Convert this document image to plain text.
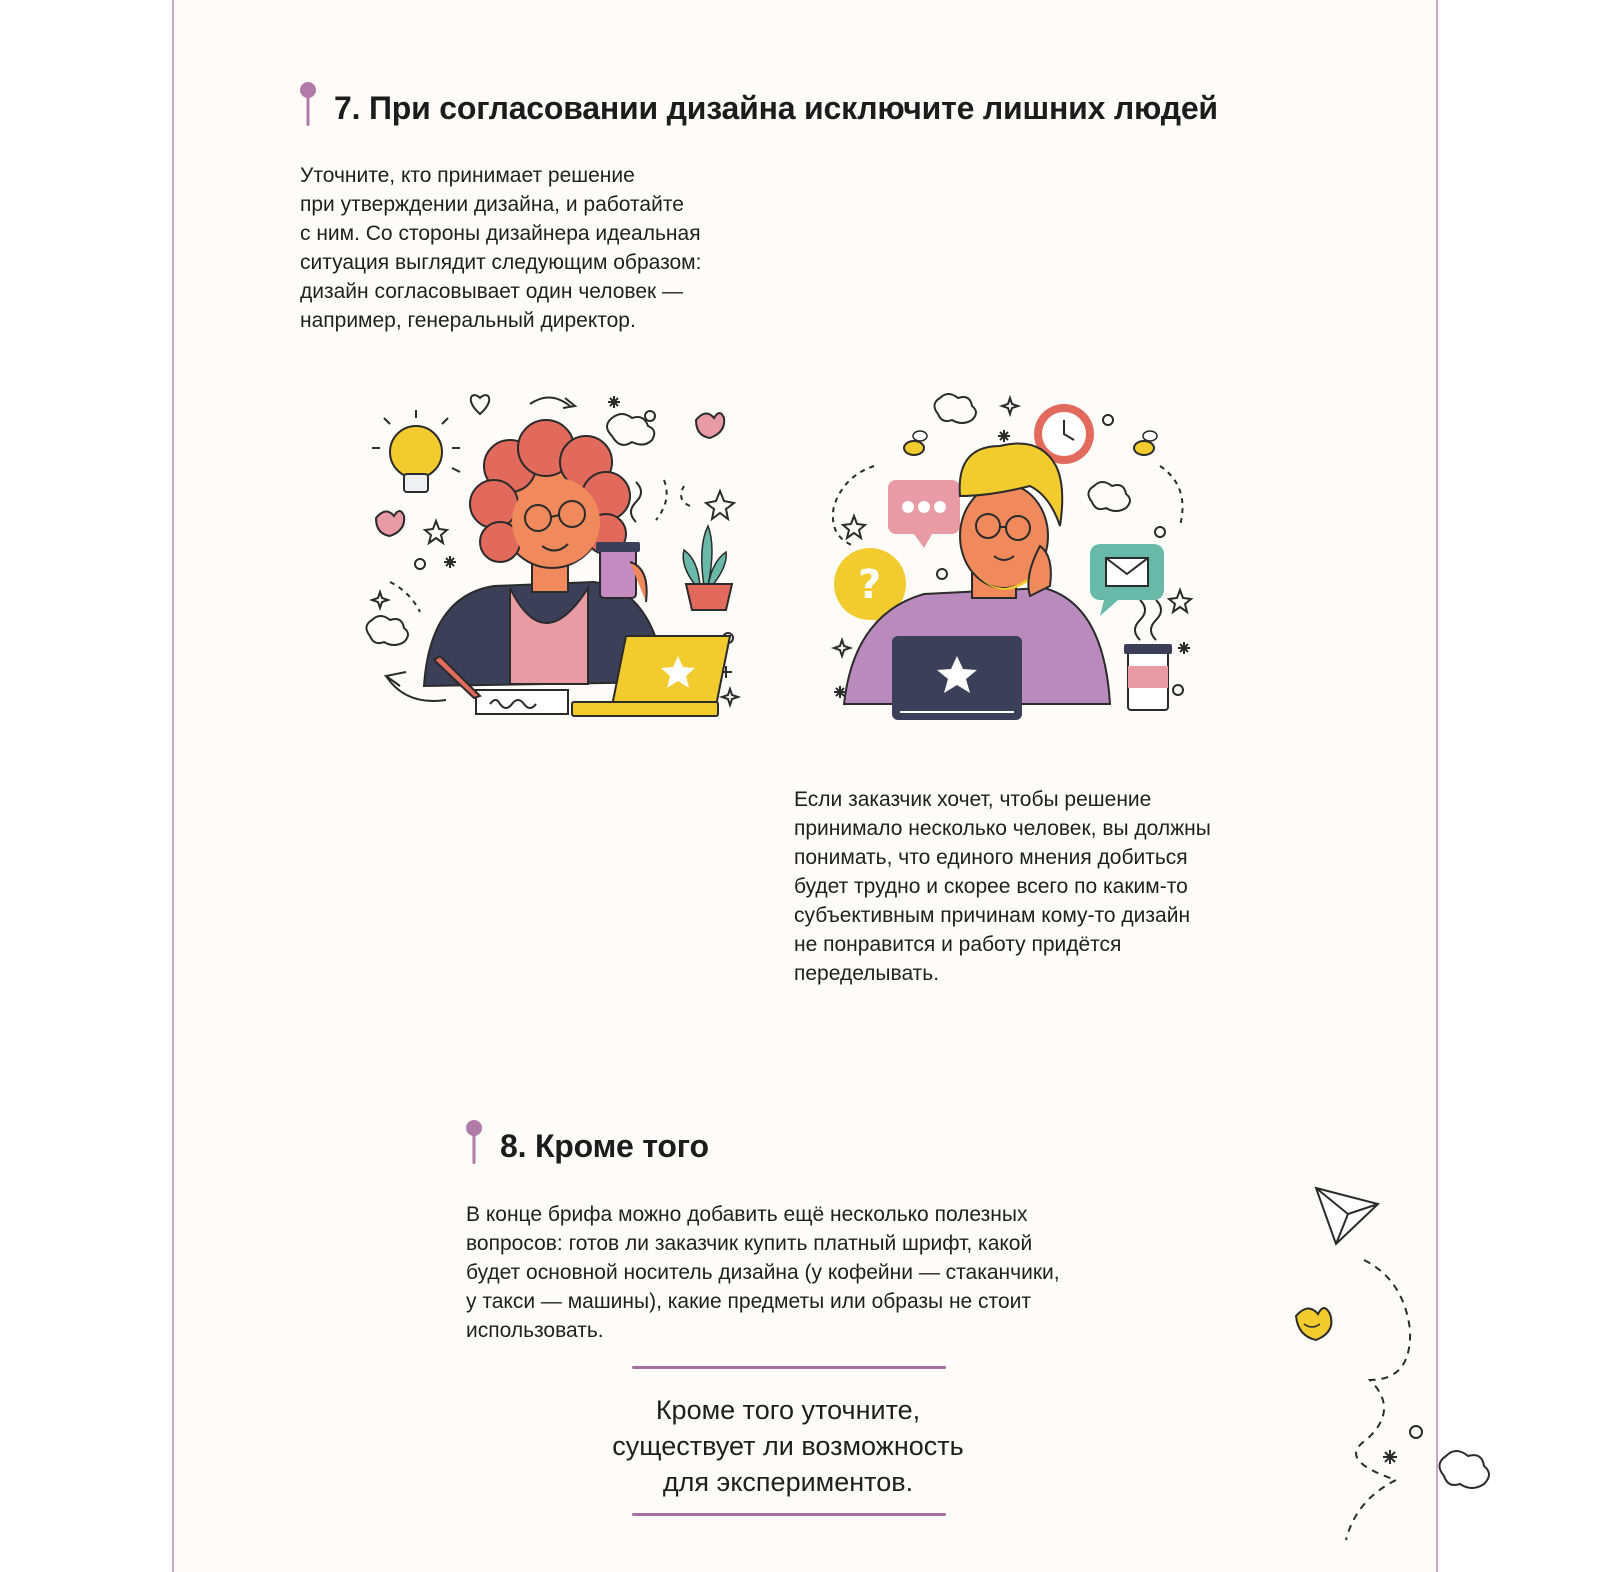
7. При согласовании дизайна исключите лишних людей

Уточните, кто принимает решение
при утверждении дизайна, и работайте
с ним. Со стороны дизайнера идеальная
ситуация выглядит следующим образом:
дизайн согласовывает один человек —
например, генеральный директор.

?

Если заказчик хочет, чтобы решение
принимало несколько человек, вы должны
понимать, что единого мнения добиться
будет трудно и скорее всего по каким-то
субъективным причинам кому-то дизайн
не понравится и работу придётся
переделывать.

8. Кроме того

В конце брифа можно добавить ещё несколько полезных
вопросов: готов ли заказчик купить платный шрифт, какой
будет основной носитель дизайна (у кофейни — стаканчики,
у такси — машины), какие предметы или образы не стоит
использовать.

Кроме того уточните,
существует ли возможность
для экспериментов.
